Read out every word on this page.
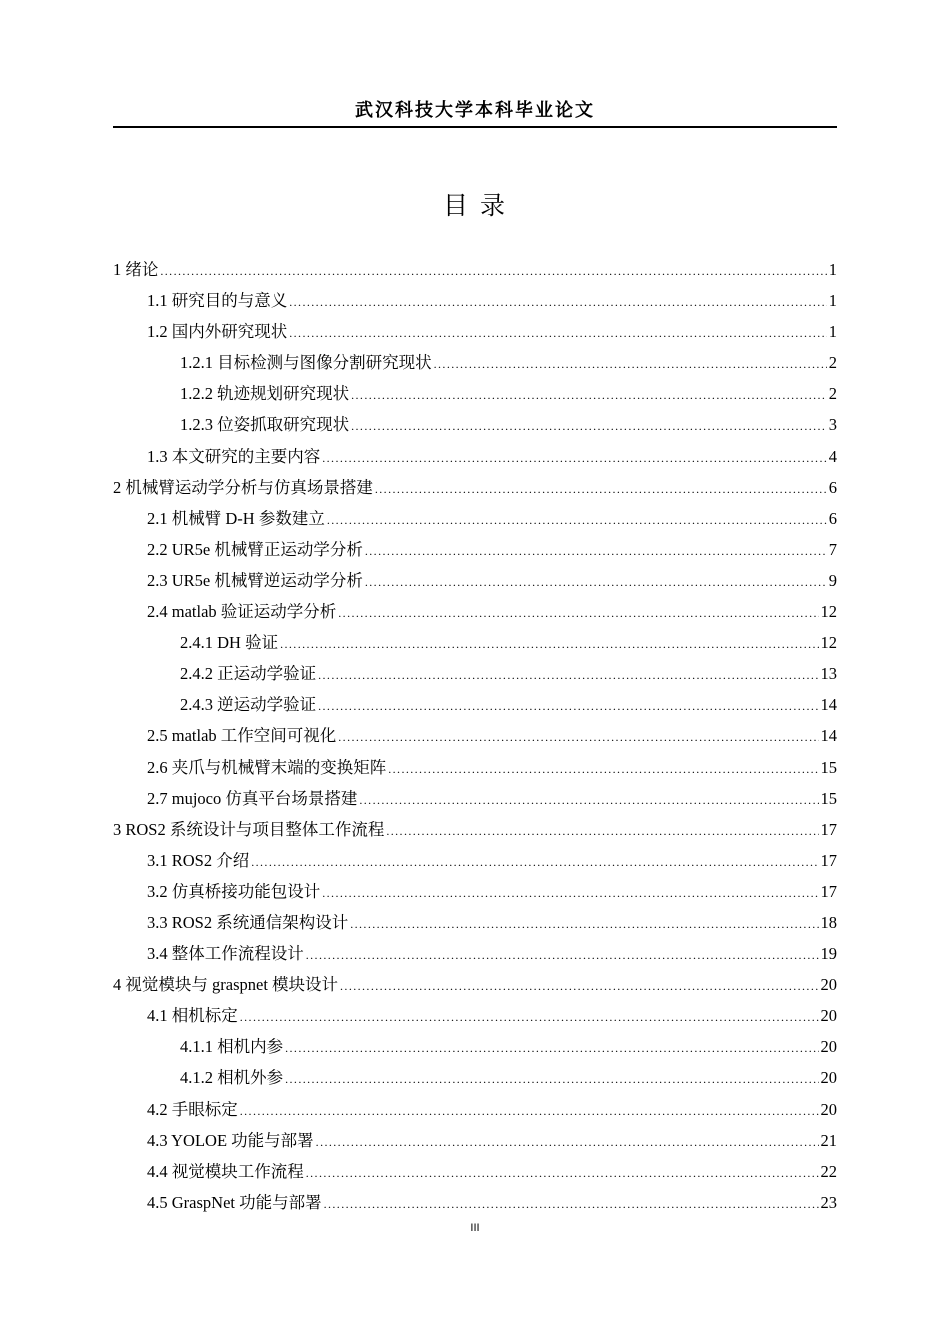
武汉科技大学本科毕业论文
目 录
1 绪论 .....	1
1.1 研究目的与意义 .....	1
1.2 国内外研究现状 .....	1
1.2.1 目标检测与图像分割研究现状 .....	2
1.2.2 轨迹规划研究现状 .....	2
1.2.3 位姿抓取研究现状 .....	3
1.3 本文研究的主要内容 .....	4
2 机械臂运动学分析与仿真场景搭建 .....	6
2.1 机械臂 D-H 参数建立 .....	6
2.2 UR5e 机械臂正运动学分析 .....	7
2.3 UR5e 机械臂逆运动学分析 .....	9
2.4 matlab 验证运动学分析 .....	12
2.4.1 DH 验证 .....	12
2.4.2 正运动学验证 .....	13
2.4.3 逆运动学验证 .....	14
2.5 matlab 工作空间可视化 .....	14
2.6 夹爪与机械臂末端的变换矩阵 .....	15
2.7 mujoco 仿真平台场景搭建 .....	15
3 ROS2 系统设计与项目整体工作流程 .....	17
3.1 ROS2 介绍 .....	17
3.2 仿真桥接功能包设计 .....	17
3.3 ROS2 系统通信架构设计 .....	18
3.4 整体工作流程设计 .....	19
4 视觉模块与 graspnet 模块设计 .....	20
4.1 相机标定 .....	20
4.1.1 相机内参 .....	20
4.1.2 相机外参 .....	20
4.2 手眼标定 .....	20
4.3 YOLOE 功能与部署 .....	21
4.4 视觉模块工作流程 .....	22
4.5 GraspNet 功能与部署 .....	23
III
